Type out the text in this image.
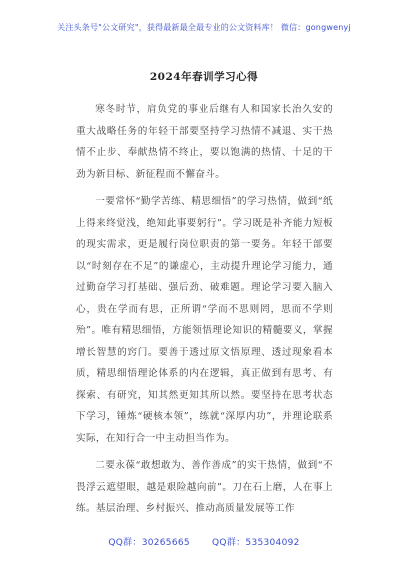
关注头条号"公文研究"，获得最新最全最专业的公文资料库！ 微信：gongwenyj
2024年春训学习心得

寒冬时节，肩负党的事业后继有人和国家长治久安的重大战略任务的年轻干部要坚持学习热情不减退、实干热情不止步、奉献热情不终止，要以饱满的热情、十足的干劲为新目标、新征程而不懈奋斗。

一要常怀“勤学苦练、精思细悟”的学习热情，做到“纸上得来终觉浅，绝知此事要躬行”。学习既是补齐能力短板的现实需求，更是履行岗位职责的第一要务。年轻干部要以“时刻存在不足”的谦虚心，主动提升理论学习能力，通过勤奋学习打基础、强后劲、破难题。理论学习要入脑入心，贵在学而有思，正所谓“学而不思则罔，思而不学则殆”。唯有精思细悟，方能领悟理论知识的精髓要义，掌握增长智慧的窍门。要善于透过原文悟原理、透过现象看本质，精思细悟理论体系的内在逻辑，真正做到有思考、有探索、有研究，知其然更知其所以然。要坚持在思考状态下学习，锤炼“硬核本领”，练就“深厚内功”，并理论联系实际，在知行合一中主动担当作为。

二要永葆“敢想敢为、善作善成”的实干热情，做到“不畏浮云遮望眼，越是艰险越向前”。刀在石上磨，人在事上练。基层治理、乡村振兴、推动高质量发展等工作

QQ群：30265665 QQ群：535304092
